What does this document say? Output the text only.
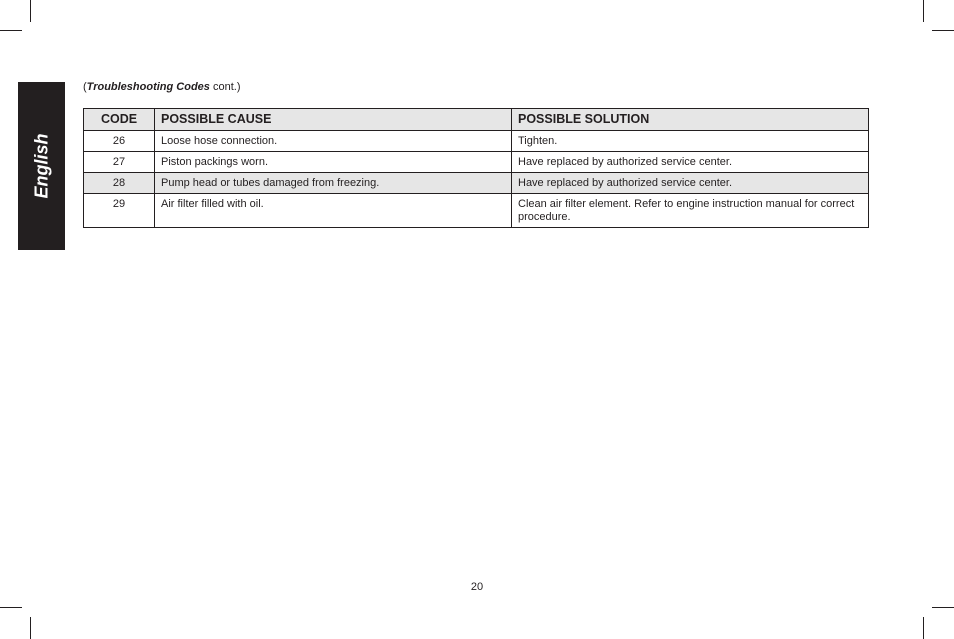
English
(Troubleshooting Codes cont.)
CODE	POSSIBLE CAUSE	POSSIBLE SOLUTION
26	Loose hose connection.	Tighten.
27	Piston packings worn.	Have replaced by authorized service center.
28	Pump head or tubes damaged from freezing.	Have replaced by authorized service center.
29	Air filter filled with oil.	Clean air filter element. Refer to engine instruction manual for correct procedure.
20
